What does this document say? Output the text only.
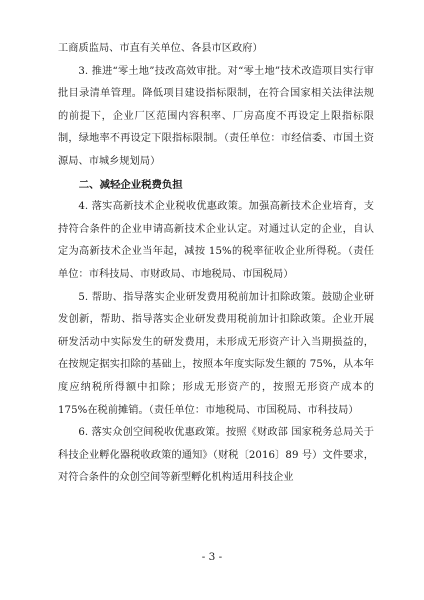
工商质监局、市直有关单位、各县市区政府）

3. 推进“零土地”技改高效审批。对“零土地”技术改造项目实行审批目录清单管理。降低项目建设指标限制，在符合国家相关法律法规的前提下，企业厂区范围内容积率、厂房高度不再设定上限指标限制，绿地率不再设定下限指标限制。（责任单位：市经信委、市国土资源局、市城乡规划局）

二、减轻企业税费负担

4. 落实高新技术企业税收优惠政策。加强高新技术企业培育，支持符合条件的企业申请高新技术企业认定。对通过认定的企业，自认定为高新技术企业当年起，减按 15%的税率征收企业所得税。（责任单位：市科技局、市财政局、市地税局、市国税局）

5. 帮助、指导落实企业研发费用税前加计扣除政策。鼓励企业研发创新，帮助、指导落实企业研发费用税前加计扣除政策。企业开展研发活动中实际发生的研发费用，未形成无形资产计入当期损益的，在按规定据实扣除的基础上，按照本年度实际发生额的 75%，从本年度应纳税所得额中扣除；形成无形资产的，按照无形资产成本的 175%在税前摊销。（责任单位：市地税局、市国税局、市科技局）

6. 落实众创空间税收优惠政策。按照《财政部 国家税务总局关于科技企业孵化器税收政策的通知》（财税〔2016〕89 号）文件要求，对符合条件的众创空间等新型孵化机构适用科技企业

- 3 -
